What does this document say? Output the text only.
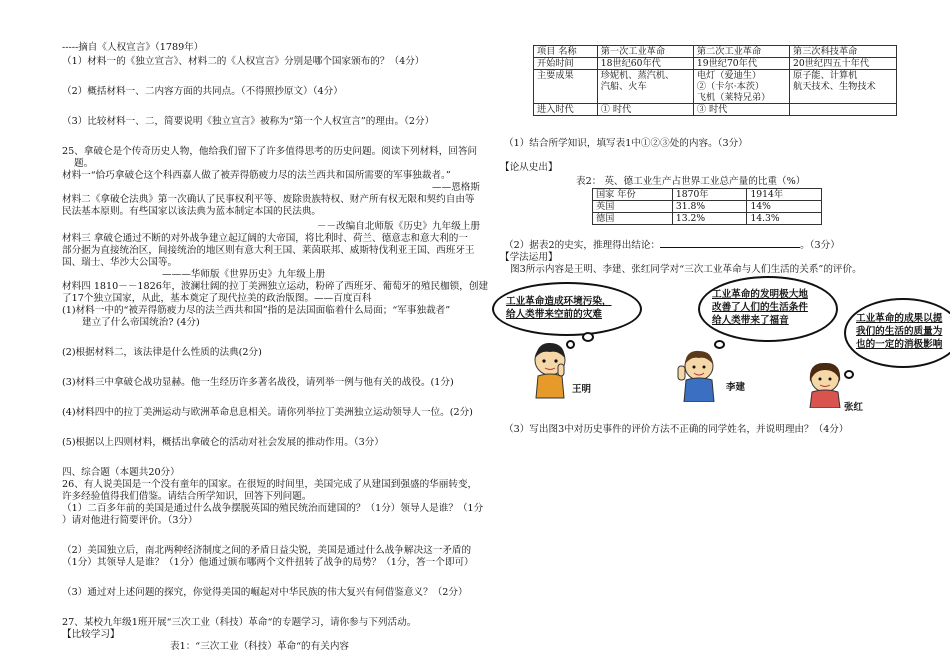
-----摘自《人权宣言》（1789年）
（1）材料一的《独立宣言》、材料二的《人权宣言》分别是哪个国家颁布的？（4分）
（2）概括材料一、二内容方面的共同点。（不得照抄原文）（4分）
（3）比较材料一、二，简要说明《独立宣言》被称为“第一个人权宣言”的理由。（2分）
25、拿破仑是个传奇历史人物，他给我们留下了许多值得思考的历史问题。阅读下列材料，回答问
题。
材料一“恰巧拿破仑这个科西嘉人做了被弄得筋疲力尽的法兰西共和国所需要的军事独裁者。”
——恩格斯
材料二《拿破仑法典》第一次确认了民事权利平等、废除贵族特权、财产所有权无限和契约自由等
民法基本原则。有些国家以该法典为蓝本制定本国的民法典。
－－改编自北师版《历史》九年级上册
材料三 拿破仑通过不断的对外战争建立起辽阔的大帝国，将比利时、荷兰、德意志和意大利的一
部分据为直接统治区，间接统治的地区则有意大利王国、莱茵联邦、威斯特伐利亚王国、西班牙王
国、瑞士、华沙大公国等。
———华师版《世界历史》九年级上册
材料四 1810－－1826年，波澜壮阔的拉丁美洲独立运动，粉碎了西班牙、葡萄牙的殖民枷锁，创建
了17个独立国家，从此，基本奠定了现代拉美的政治版图。——百度百科
(1)材料一中的“被弄得筋疲力尽的法兰西共和国”指的是法国面临着什么局面；“军事独裁者”
建立了什么帝国统治? (4分)
(2)根据材料二，该法律是什么性质的法典(2分)
(3)材料三中拿破仑战功显赫。他一生经历许多著名战役，请列举一例与他有关的战役。(1分)
(4)材料四中的拉丁美洲运动与欧洲革命息息相关。请你列举拉丁美洲独立运动领导人一位。(2分)
(5)根据以上四则材料，概括出拿破仑的活动对社会发展的推动作用。（3分）
四、综合题（本题共20分）
26、有人说美国是一个没有童年的国家。在很短的时间里，美国完成了从建国到强盛的华丽转变，
许多经验值得我们借鉴。请结合所学知识，回答下列问题。
（1）二百多年前的美国是通过什么战争摆脱英国的殖民统治而建国的？（1分）领导人是谁？（1分
）请对他进行简要评价。（3分）
（2）美国独立后，南北两种经济制度之间的矛盾日益尖锐，美国是通过什么战争解决这一矛盾的
（1分）其领导人是谁？（1分）他通过颁布哪两个文件扭转了战争的局势？（1分，答一个即可）
（3）通过对上述问题的探究，你觉得美国的崛起对中华民族的伟大复兴有何借鉴意义？（2分）
27、某校九年级1班开展“三次工业（科技）革命“的专题学习，请你参与下列活动。
【比较学习】
表1：“三次工业（科技）革命“的有关内容
项目 名称	第一次工业革命	第二次工业革命	第三次科技革命
开始时间	18世纪60年代	19世纪70年代	20世纪四五十年代
主要成果	珍妮机、蒸汽机、
汽船、火车	电灯（爱迪生）
②（卡尔·本茨）
飞机（莱特兄弟）	原子能、计算机
航天技术、生物技术
进入时代	① 时代	③ 时代	
（1）结合所学知识，填写表1中①②③处的内容。（3分）
【论从史出】
表2： 英、德工业生产占世界工业总产量的比重（%）
国家 年份	1870年	1914年
英国	31.8%	14%
德国	13.2%	14.3%
（2）据表2的史实，推理得出结论：	。（3分）
【学法运用】
图3所示内容是王明、李建、张红同学对“三次工业革命与人们生活的关系”的评价。
工业革命造成环境污染，
给人类带来空前的灾难
工业革命的发明极大地
改善了人们的生活条件
给人类带来了福音	工业革命的成果以提
我们的生活的质量为
也的一定的消极影响
王明	李建
张红
（3）写出图3中对历史事件的评价方法不正确的同学姓名，并说明理由？（4分）
